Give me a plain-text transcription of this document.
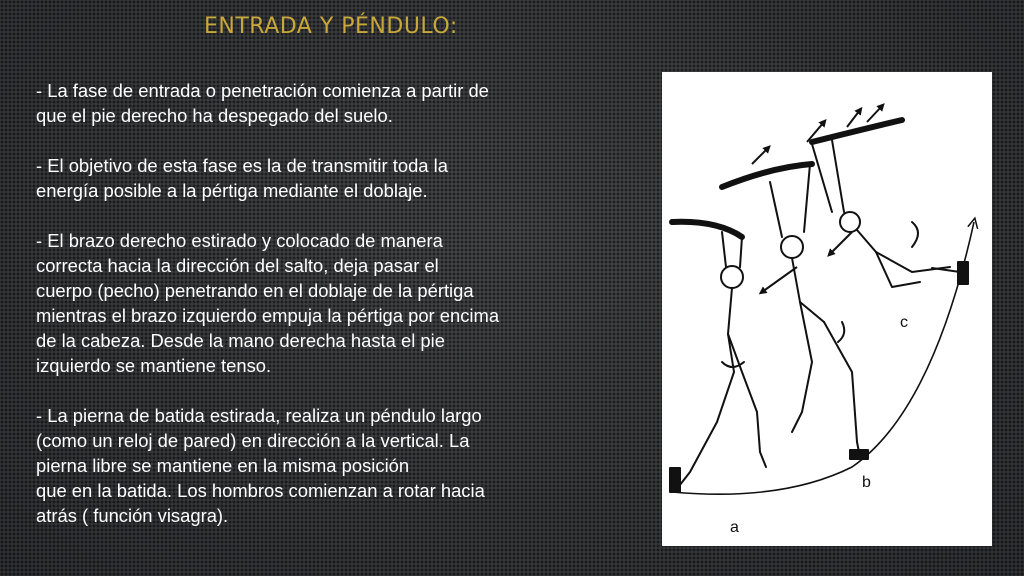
ENTRADA Y PÉNDULO:

- La fase de entrada o penetración comienza a partir de
que el pie derecho ha despegado del suelo.

- El objetivo de esta fase es la de transmitir toda la
energía posible a la pértiga mediante el doblaje.

- El brazo derecho estirado y colocado de manera
correcta hacia la dirección del salto, deja pasar el
cuerpo (pecho) penetrando en el doblaje de la pértiga
mientras el brazo izquierdo empuja la pértiga por encima
de la cabeza. Desde la mano derecha hasta el pie
izquierdo se mantiene tenso.

- La pierna de batida estirada, realiza un péndulo largo
(como un reloj de pared) en dirección a la vertical. La
pierna libre se mantiene en la misma posición
que en la batida. Los hombros comienzan a rotar hacia
atrás ( función visagra).

a
b
c
